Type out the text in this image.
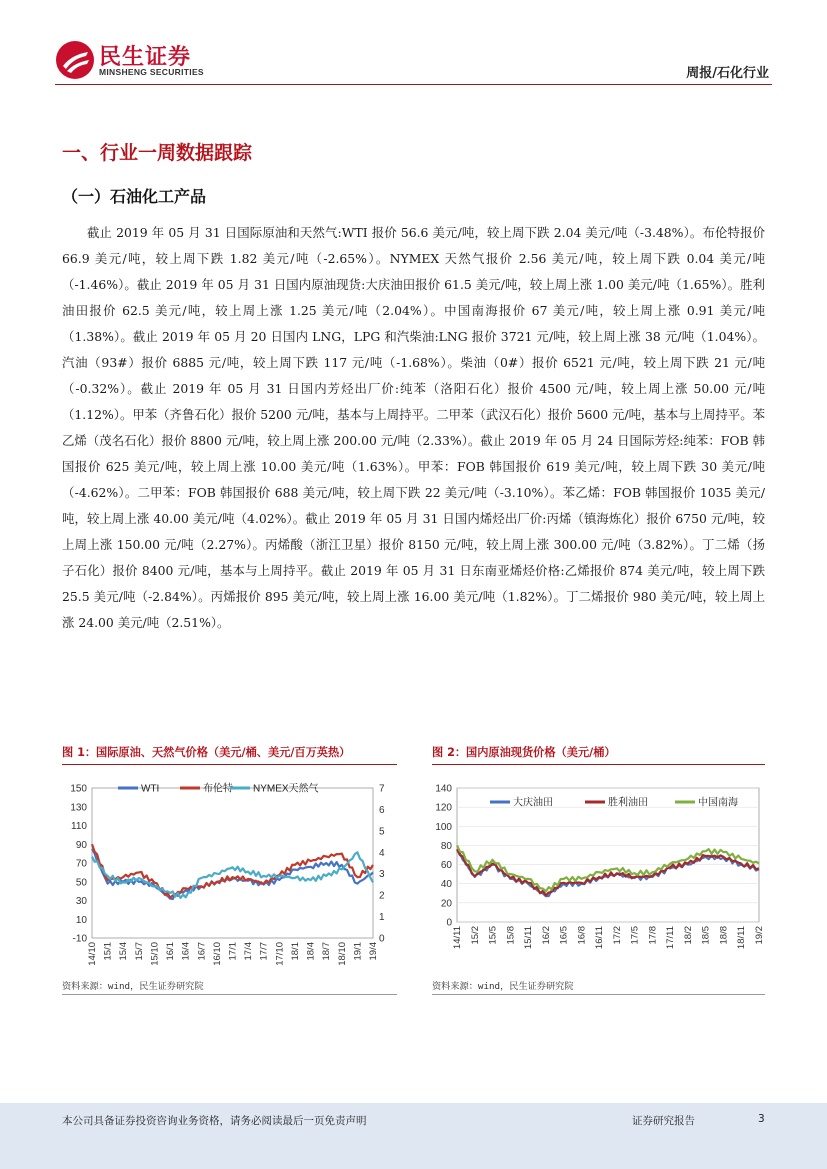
民生证券
MINSHENG SECURITIES	周报/石化行业
一、行业一周数据跟踪
（一）石油化工产品
截止 2019 年 05 月 31 日国际原油和天然气:WTI 报价 56.6 美元/吨，较上周下跌 2.04 美元/吨（-3.48%）。布伦特报价 66.9 美元/吨，较上周下跌 1.82 美元/吨（-2.65%）。NYMEX 天然气报价 2.56 美元/吨，较上周下跌 0.04 美元/吨（-1.46%）。截止 2019 年 05 月 31 日国内原油现货:大庆油田报价 61.5 美元/吨，较上周上涨 1.00 美元/吨（1.65%）。胜利油田报价 62.5 美元/吨，较上周上涨 1.25 美元/吨（2.04%）。中国南海报价 67 美元/吨，较上周上涨 0.91 美元/吨（1.38%）。截止 2019 年 05 月 20 日国内 LNG，LPG 和汽柴油:LNG 报价 3721 元/吨，较上周上涨 38 元/吨（1.04%）。汽油（93#）报价 6885 元/吨，较上周下跌 117 元/吨（-1.68%）。柴油（0#）报价 6521 元/吨，较上周下跌 21 元/吨（-0.32%）。截止 2019 年 05 月 31 日国内芳烃出厂价:纯苯（洛阳石化）报价 4500 元/吨，较上周上涨 50.00 元/吨（1.12%）。甲苯（齐鲁石化）报价 5200 元/吨，基本与上周持平。二甲苯（武汉石化）报价 5600 元/吨，基本与上周持平。苯乙烯（茂名石化）报价 8800 元/吨，较上周上涨 200.00 元/吨（2.33%）。截止 2019 年 05 月 24 日国际芳烃:纯苯：FOB 韩国报价 625 美元/吨，较上周上涨 10.00 美元/吨（1.63%）。甲苯：FOB 韩国报价 619 美元/吨，较上周下跌 30 美元/吨（-4.62%）。二甲苯：FOB 韩国报价 688 美元/吨，较上周下跌 22 美元/吨（-3.10%）。苯乙烯：FOB 韩国报价 1035 美元/吨，较上周上涨 40.00 美元/吨（4.02%）。截止 2019 年 05 月 31 日国内烯烃出厂价:丙烯（镇海炼化）报价 6750 元/吨，较上周上涨 150.00 元/吨（2.27%）。丙烯酸（浙江卫星）报价 8150 元/吨，较上周上涨 300.00 元/吨（3.82%）。丁二烯（扬子石化）报价 8400 元/吨，基本与上周持平。截止 2019 年 05 月 31 日东南亚烯烃价格:乙烯报价 874 美元/吨，较上周下跌 25.5 美元/吨（-2.84%）。丙烯报价 895 美元/吨，较上周上涨 16.00 美元/吨（1.82%）。丁二烯报价 980 美元/吨，较上周上涨 24.00 美元/吨（2.51%）。
图 1：国际原油、天然气价格（美元/桶、美元/百万英热）
150
130
110
90
70
50
30
10
-10
7
6
5
4
3
2
1
0
14/10 15/1 15/4 15/7 15/10 16/1 16/4 16/7 16/10 17/1 17/4 17/7 17/10 18/1 18/4 18/7 18/10 19/1 19/4
WTI	布伦特 NYMEX天然气
资料来源：wind，民生证券研究院
图 2：国内原油现货价格（美元/桶）
140
120
100
80
60
40
20
0
14/11 15/2 15/5 15/8 15/11 16/2 16/5 16/8 16/11 17/2 17/5 17/8 17/11 18/2 18/5 18/8 18/11 19/2
大庆油田	胜利油田	中国南海
资料来源：wind，民生证券研究院
本公司具备证券投资咨询业务资格，请务必阅读最后一页免责声明	证券研究报告	3
